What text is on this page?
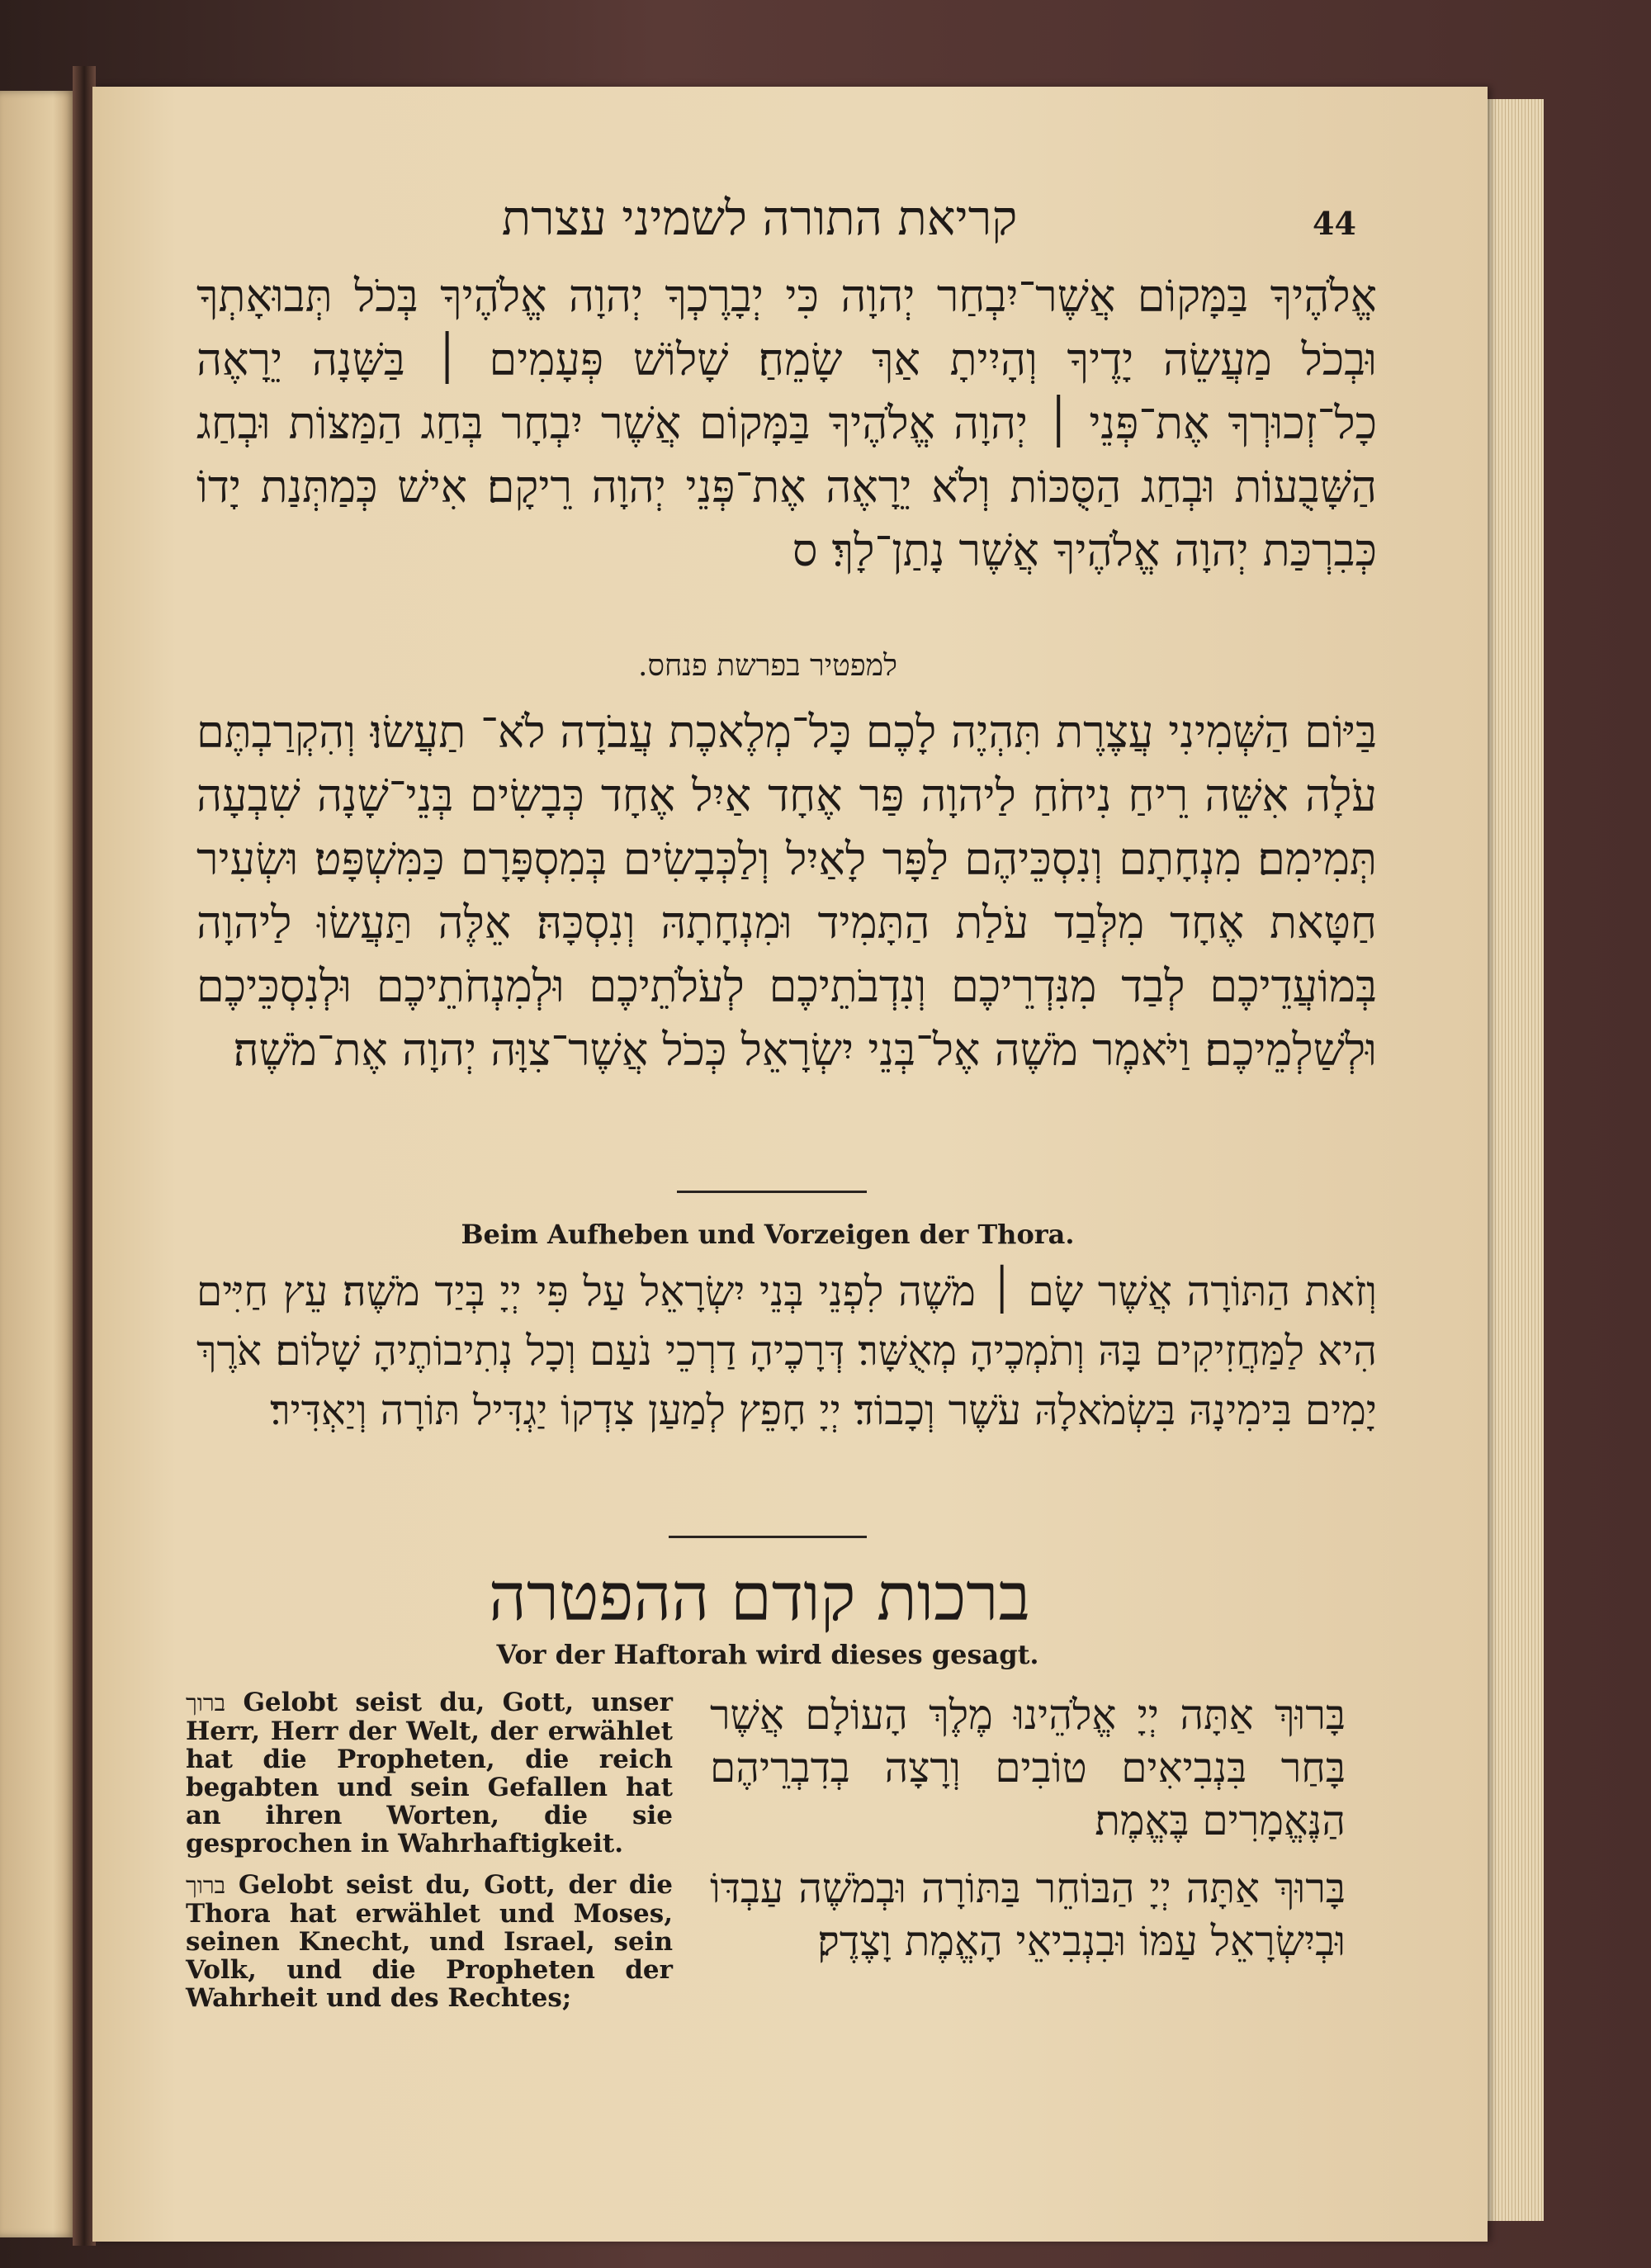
קריאת התורה לשמיני עצרת	44
אֱלֹהֶיךָ בַּמָּקוֹם אֲשֶׁר־יִבְחַר יְהוָה כִּי יְבָרֶכְךָ יְהוָה אֱלֹהֶיךָ בְּכֹל תְּבוּאָתְךָ וּבְכֹל מַעֲשֵׂה יָדֶיךָ וְהָיִיתָ אַךְ שָׂמֵחַ׃ שָׁלוֹשׁ פְּעָמִים ׀ בַּשָּׁנָה יֵרָאֶה כָל־זְכוּרְךָ אֶת־פְּנֵי ׀ יְהוָה אֱלֹהֶיךָ בַּמָּקוֹם אֲשֶׁר יִבְחָר בְּחַג הַמַּצּוֹת וּבְחַג הַשָּׁבֻעוֹת וּבְחַג הַסֻּכּוֹת וְלֹא יֵרָאֶה אֶת־פְּנֵי יְהוָה רֵיקָם׃ אִישׁ כְּמַתְּנַת יָדוֹ כְּבִרְכַּת יְהוָה אֱלֹהֶיךָ אֲשֶׁר נָתַן־לָךְ׃ ס
למפטיר בפרשת פנחס.
בַּיּוֹם הַשְּׁמִינִי עֲצֶרֶת תִּהְיֶה לָכֶם כָּל־מְלֶאכֶת עֲבֹדָה לֹא־ תַעֲשׂוּ׃ וְהִקְרַבְתֶּם עֹלָה אִשֵּׁה רֵיחַ נִיחֹחַ לַיהוָה פַּר אֶחָד אַיִל אֶחָד כְּבָשִׂים בְּנֵי־שָׁנָה שִׁבְעָה תְּמִימִם׃ מִנְחָתָם וְנִסְכֵּיהֶם לַפָּר לָאַיִל וְלַכְּבָשִׂים בְּמִסְפָּרָם כַּמִּשְׁפָּט׃ וּשְׂעִיר חַטָּאת אֶחָד מִלְּבַד עֹלַת הַתָּמִיד וּמִנְחָתָהּ וְנִסְכָּהּ׃ אֵלֶּה תַּעֲשׂוּ לַיהוָה בְּמוֹעֲדֵיכֶם לְבַד מִנִּדְרֵיכֶם וְנִדְבֹתֵיכֶם לְעֹלֹתֵיכֶם וּלְמִנְחֹתֵיכֶם וּלְנִסְכֵּיכֶם וּלְשַׁלְמֵיכֶם׃ וַיֹּאמֶר מֹשֶׁה אֶל־בְּנֵי יִשְׂרָאֵל כְּכֹל אֲשֶׁר־צִוָּה יְהוָה אֶת־מֹשֶׁה׃
Beim Aufheben und Vorzeigen der Thora.
וְזֹאת הַתּוֹרָה אֲשֶׁר שָׂם ׀ מֹשֶׁה לִפְנֵי בְּנֵי יִשְׂרָאֵל עַל פִּי יְיָ בְּיַד מֹשֶׁה׃ עֵץ חַיִּים הִיא לַמַּחֲזִיקִים בָּהּ וְתֹמְכֶיהָ מְאֻשָּׁר׃ דְּרָכֶיהָ דַרְכֵי נֹעַם וְכָל נְתִיבוֹתֶיהָ שָׁלוֹם׃ אֹרֶךְ יָמִים בִּימִינָהּ בִּשְׂמֹאלָהּ עֹשֶׁר וְכָבוֹד׃ יְיָ חָפֵץ לְמַעַן צִדְקוֹ יַגְדִּיל תּוֹרָה וְיַאְדִּיר׃
ברכות קודם ההפטרה
Vor der Haftorah wird dieses gesagt.

ברוך Gelobt seist du, Gott, unser Herr, Herr der Welt, der erwählet hat die Propheten, die reich begabten und sein Gefallen hat an ihren Worten, die sie gesprochen in Wahrhaftigkeit.

ברוך Gelobt seist du, Gott, der die Thora hat erwählet und Moses, seinen Knecht, und Israel, sein Volk, und die Propheten der Wahrheit und des Rechtes;

בָּרוּךְ אַתָּה יְיָ אֱלֹהֵינוּ מֶלֶךְ הָעוֹלָם אֲשֶׁר בָּחַר בִּנְבִיאִים טוֹבִים וְרָצָה בְדִבְרֵיהֶם הַנֶּאֱמָרִים בֶּאֱמֶת׃

בָּרוּךְ אַתָּה יְיָ הַבּוֹחֵר בַּתּוֹרָה וּבְמֹשֶׁה עַבְדּוֹ וּבְיִשְׂרָאֵל עַמּוֹ וּבִנְבִיאֵי הָאֱמֶת וָצֶדֶק׃
